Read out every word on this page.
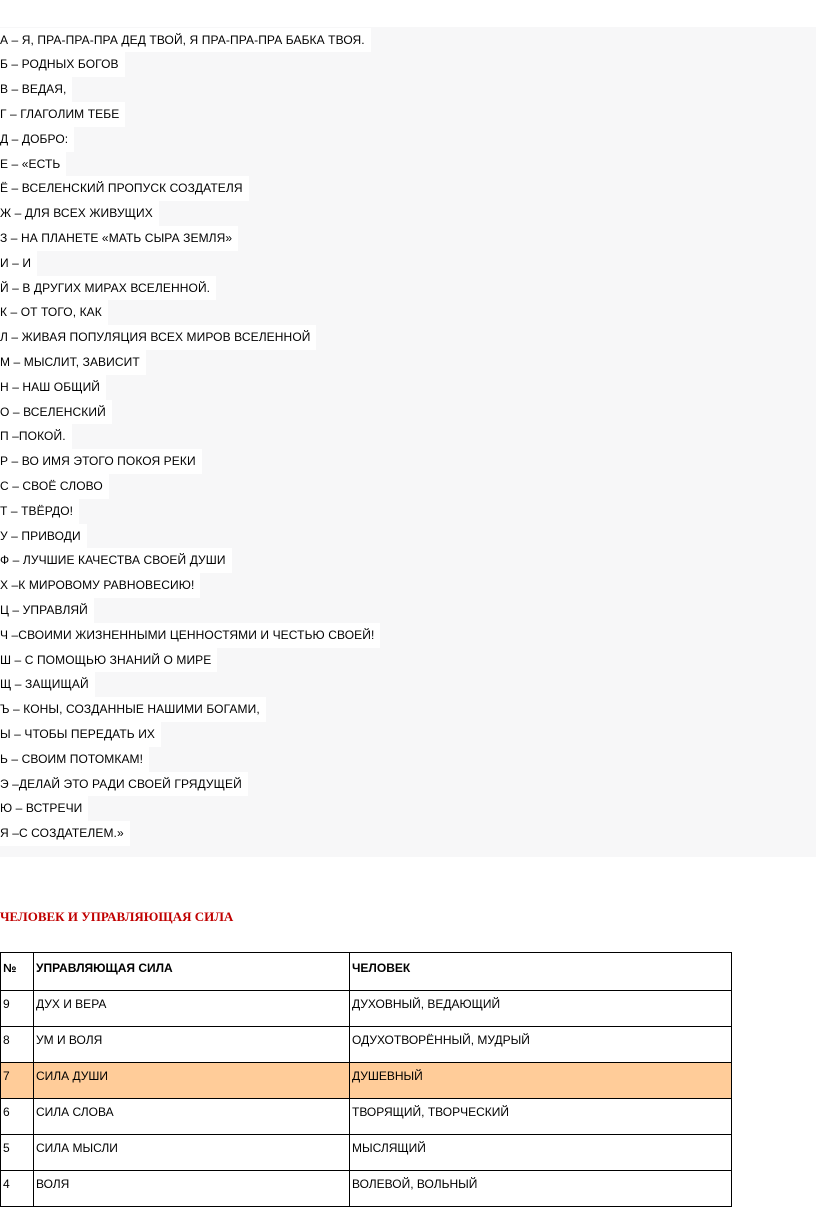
А – Я, ПРА-ПРА-ПРА ДЕД ТВОЙ, Я ПРА-ПРА-ПРА БАБКА ТВОЯ.
Б – РОДНЫХ БОГОВ
В – ВЕДАЯ,
Г – ГЛАГОЛИМ ТЕБЕ
Д – ДОБРО:
Е – «ЕСТЬ
Ё – ВСЕЛЕНСКИЙ ПРОПУСК СОЗДАТЕЛЯ
Ж – ДЛЯ ВСЕХ ЖИВУЩИХ
З – НА ПЛАНЕТЕ «МАТЬ СЫРА ЗЕМЛЯ»
И – И
Й – В ДРУГИХ МИРАХ ВСЕЛЕННОЙ.
К – ОТ ТОГО, КАК
Л – ЖИВАЯ ПОПУЛЯЦИЯ ВСЕХ МИРОВ ВСЕЛЕННОЙ
М – МЫСЛИТ, ЗАВИСИТ
Н – НАШ ОБЩИЙ
О – ВСЕЛЕНСКИЙ
П –ПОКОЙ.
Р – ВО ИМЯ ЭТОГО ПОКОЯ РЕКИ
С – СВОЁ СЛОВО
Т – ТВЁРДО!
У – ПРИВОДИ
Ф – ЛУЧШИЕ КАЧЕСТВА СВОЕЙ ДУШИ
Х –К МИРОВОМУ РАВНОВЕСИЮ!
Ц – УПРАВЛЯЙ
Ч –СВОИМИ ЖИЗНЕННЫМИ ЦЕННОСТЯМИ И ЧЕСТЬЮ СВОЕЙ!
Ш – С ПОМОЩЬЮ ЗНАНИЙ О МИРЕ
Щ – ЗАЩИЩАЙ
Ъ – КОНЫ, СОЗДАННЫЕ НАШИМИ БОГАМИ,
Ы – ЧТОБЫ ПЕРЕДАТЬ ИХ
Ь – СВОИМ ПОТОМКАМ!
Э –ДЕЛАЙ ЭТО РАДИ СВОЕЙ ГРЯДУЩЕЙ
Ю – ВСТРЕЧИ
Я –С СОЗДАТЕЛЕМ.»
ЧЕЛОВЕК И УПРАВЛЯЮЩАЯ СИЛА
№	УПРАВЛЯЮЩАЯ СИЛА	ЧЕЛОВЕК
9	ДУХ И ВЕРА	ДУХОВНЫЙ, ВЕДАЮЩИЙ
8	УМ И ВОЛЯ	ОДУХОТВОРЁННЫЙ, МУДРЫЙ
7	СИЛА ДУШИ	ДУШЕВНЫЙ
6	СИЛА СЛОВА	ТВОРЯЩИЙ, ТВОРЧЕСКИЙ
5	СИЛА МЫСЛИ	МЫСЛЯЩИЙ
4	ВОЛЯ	ВОЛЕВОЙ, ВОЛЬНЫЙ
